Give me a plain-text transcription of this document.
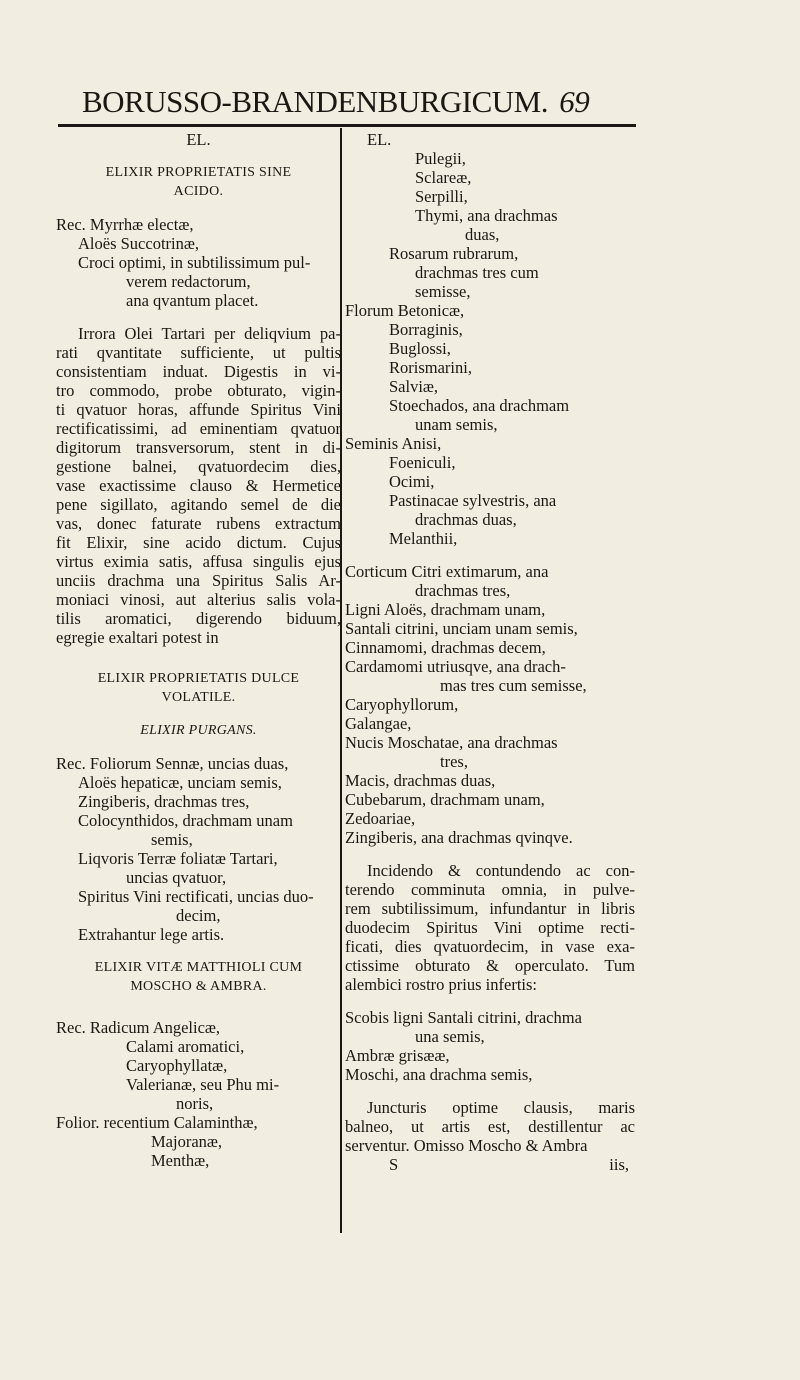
BORUSSO-BRANDENBURGICUM. 69

EL.

ELIXIR PROPRIETATIS SINE

ACIDO.

Rec. Myrrhæ electæ,

Aloës Succotrinæ,

Croci optimi, in subtilissimum pul-

verem redactorum,

ana qvantum placet.

Irrora Olei Tartari per deliqvium pa-

rati qvantitate sufficiente, ut pultis

consistentiam induat. Digestis in vi-

tro commodo, probe obturato, vigin-

ti qvatuor horas, affunde Spiritus Vini

rectificatissimi, ad eminentiam qvatuor

digitorum transversorum, stent in di-

gestione balnei, qvatuordecim dies,

vase exactissime clauso & Hermetice

pene sigillato, agitando semel de die

vas, donec faturate rubens extractum

fit Elixir, sine acido dictum. Cujus

virtus eximia satis, affusa singulis ejus

unciis drachma una Spiritus Salis Ar-

moniaci vinosi, aut alterius salis vola-

tilis aromatici, digerendo biduum,

egregie exaltari potest in

ELIXIR PROPRIETATIS DULCE

VOLATILE.

ELIXIR PURGANS.

Rec. Foliorum Sennæ, uncias duas,

Aloës hepaticæ, unciam semis,

Zingiberis, drachmas tres,

Colocynthidos, drachmam unam

semis,

Liqvoris Terræ foliatæ Tartari,

uncias qvatuor,

Spiritus Vini rectificati, uncias duo-

decim,

Extrahantur lege artis.

ELIXIR VITÆ MATTHIOLI CUM

MOSCHO & AMBRA.

Rec. Radicum Angelicæ,

Calami aromatici,

Caryophyllatæ,

Valerianæ, seu Phu mi-

noris,

Folior. recentium Calaminthæ,

Majoranæ,

Menthæ,

EL.

Pulegii,

Sclareæ,

Serpilli,

Thymi, ana drachmas

duas,

Rosarum rubrarum,

drachmas tres cum

semisse,

Florum Betonicæ,

Borraginis,

Buglossi,

Rorismarini,

Salviæ,

Stoechados, ana drachmam

unam semis,

Seminis Anisi,

Foeniculi,

Ocimi,

Pastinacae sylvestris, ana

drachmas duas,

Melanthii,

Corticum Citri extimarum, ana

drachmas tres,

Ligni Aloës, drachmam unam,

Santali citrini, unciam unam semis,

Cinnamomi, drachmas decem,

Cardamomi utriusqve, ana drach-

mas tres cum semisse,

Caryophyllorum,

Galangae,

Nucis Moschatae, ana drachmas

tres,

Macis, drachmas duas,

Cubebarum, drachmam unam,

Zedoariae,

Zingiberis, ana drachmas qvinqve.

Incidendo & contundendo ac con-

terendo comminuta omnia, in pulve-

rem subtilissimum, infundantur in libris

duodecim Spiritus Vini optime recti-

ficati, dies qvatuordecim, in vase exa-

ctissime obturato & operculato. Tum

alembici rostro prius infertis:

Scobis ligni Santali citrini, drachma

una semis,

Ambræ grisææ,

Moschi, ana drachma semis,

Juncturis optime clausis, maris

balneo, ut artis est, destillentur ac

serventur. Omisso Moscho & Ambra

S	iis,
